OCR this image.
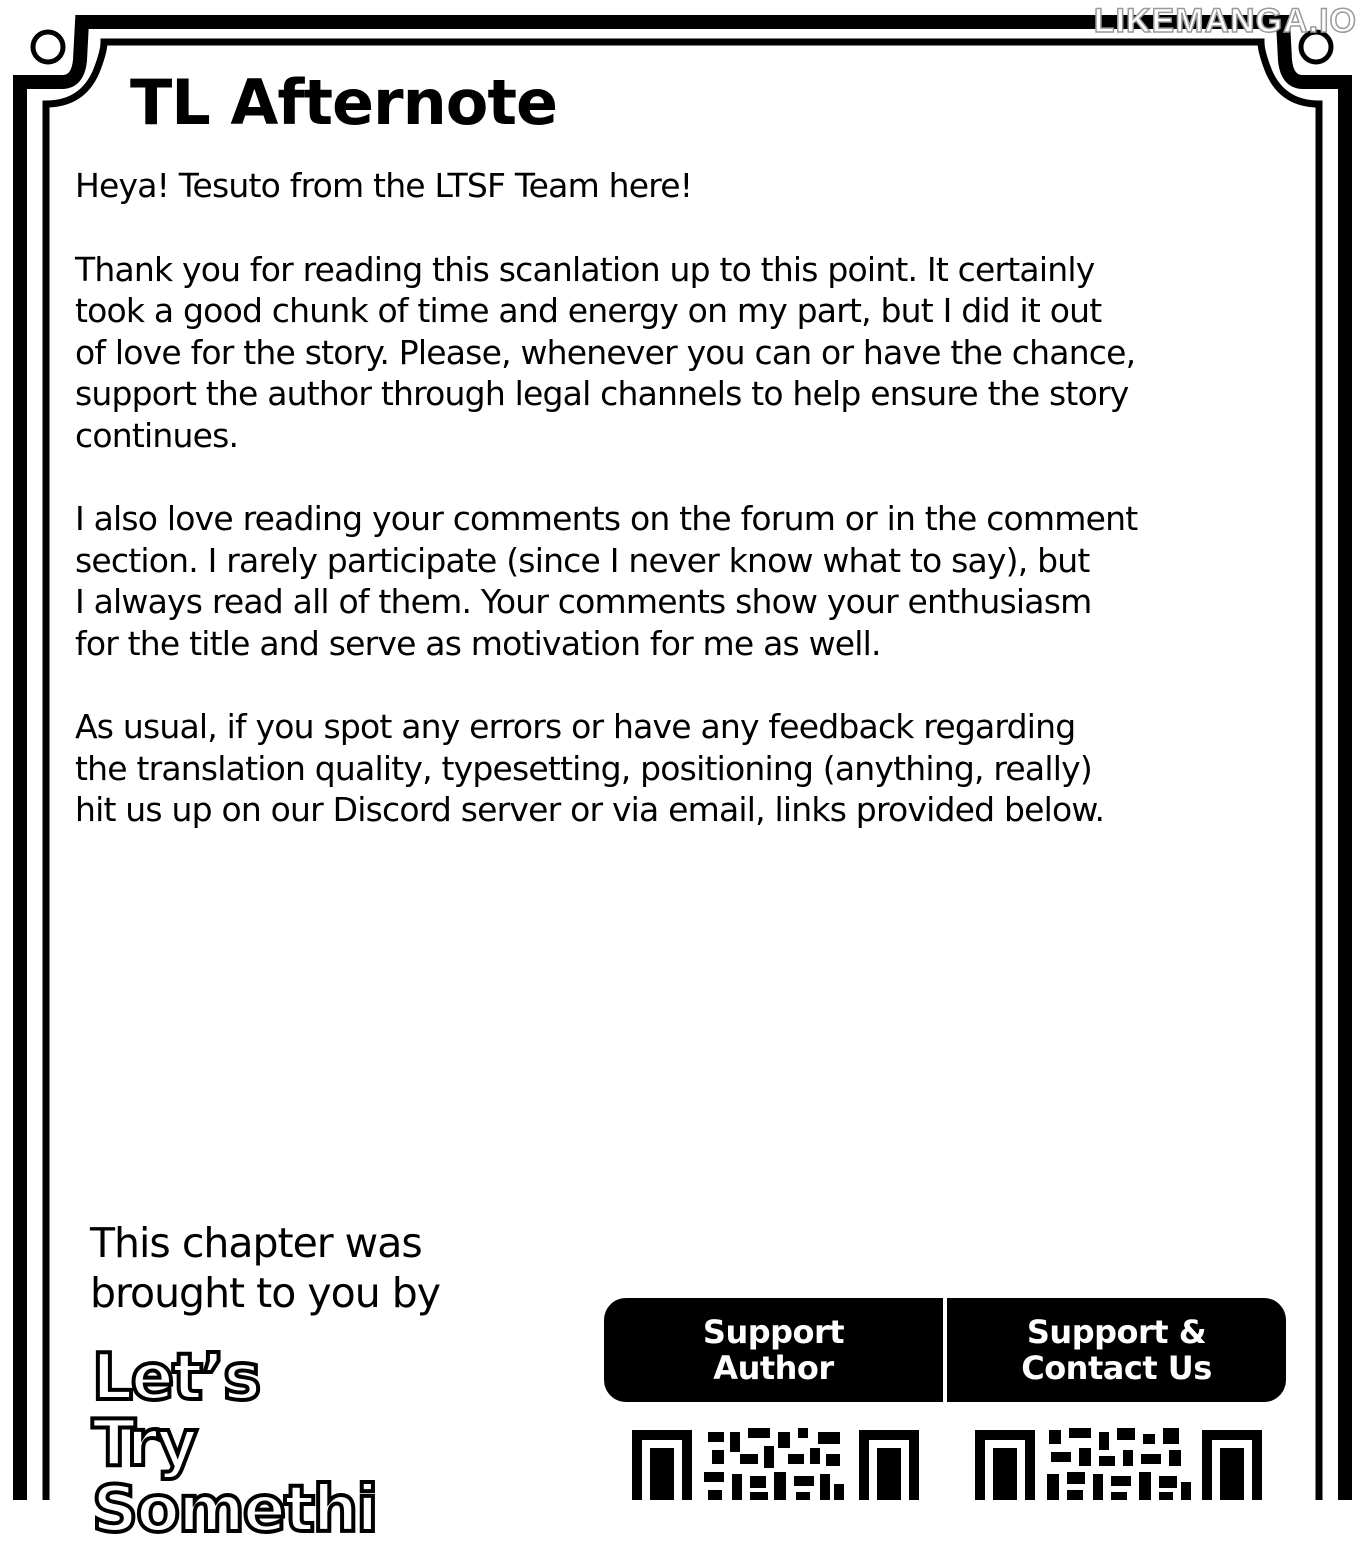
LIKEMANGA.IO
TL Afternote

Heya! Tesuto from the LTSF Team here!

Thank you for reading this scanlation up to this point. It certainly
took a good chunk of time and energy on my part, but I did it out
of love for the story. Please, whenever you can or have the chance,
support the author through legal channels to help ensure the story
continues.

I also love reading your comments on the forum or in the comment
section. I rarely participate (since I never know what to say), but
I always read all of them. Your comments show your enthusiasm
for the title and serve as motivation for me as well.

As usual, if you spot any errors or have any feedback regarding
the translation quality, typesetting, positioning (anything, really)
hit us up on our Discord server or via email, links provided below.

This chapter was
brought to you by
Let’s
Try
Somethi
Support
Author
Support &
Contact Us
